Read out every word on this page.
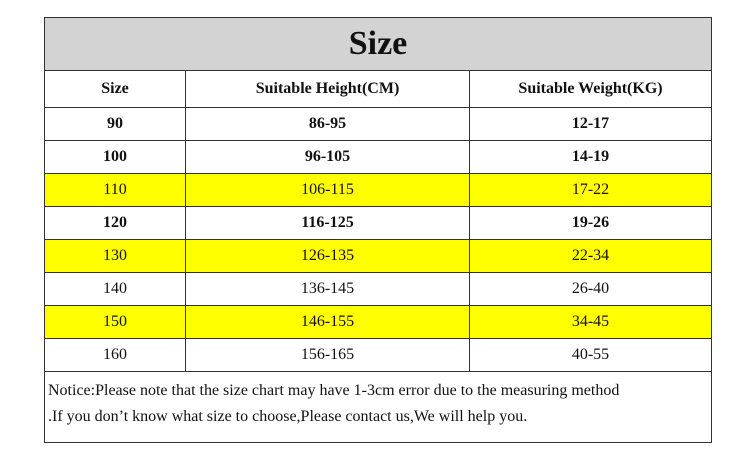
Size		
Size	Suitable Height(CM)	Suitable Weight(KG)
90	86-95	12-17
100	96-105	14-19
110	106-115	17-22
120	116-125	19-26
130	126-135	22-34
140	136-145	26-40
150	146-155	34-45
160	156-165	40-55

Notice:Please note that the size chart may have 1-3cm error due to the measuring method
.If you don’t know what size to choose,Please contact us,We will help you.		
